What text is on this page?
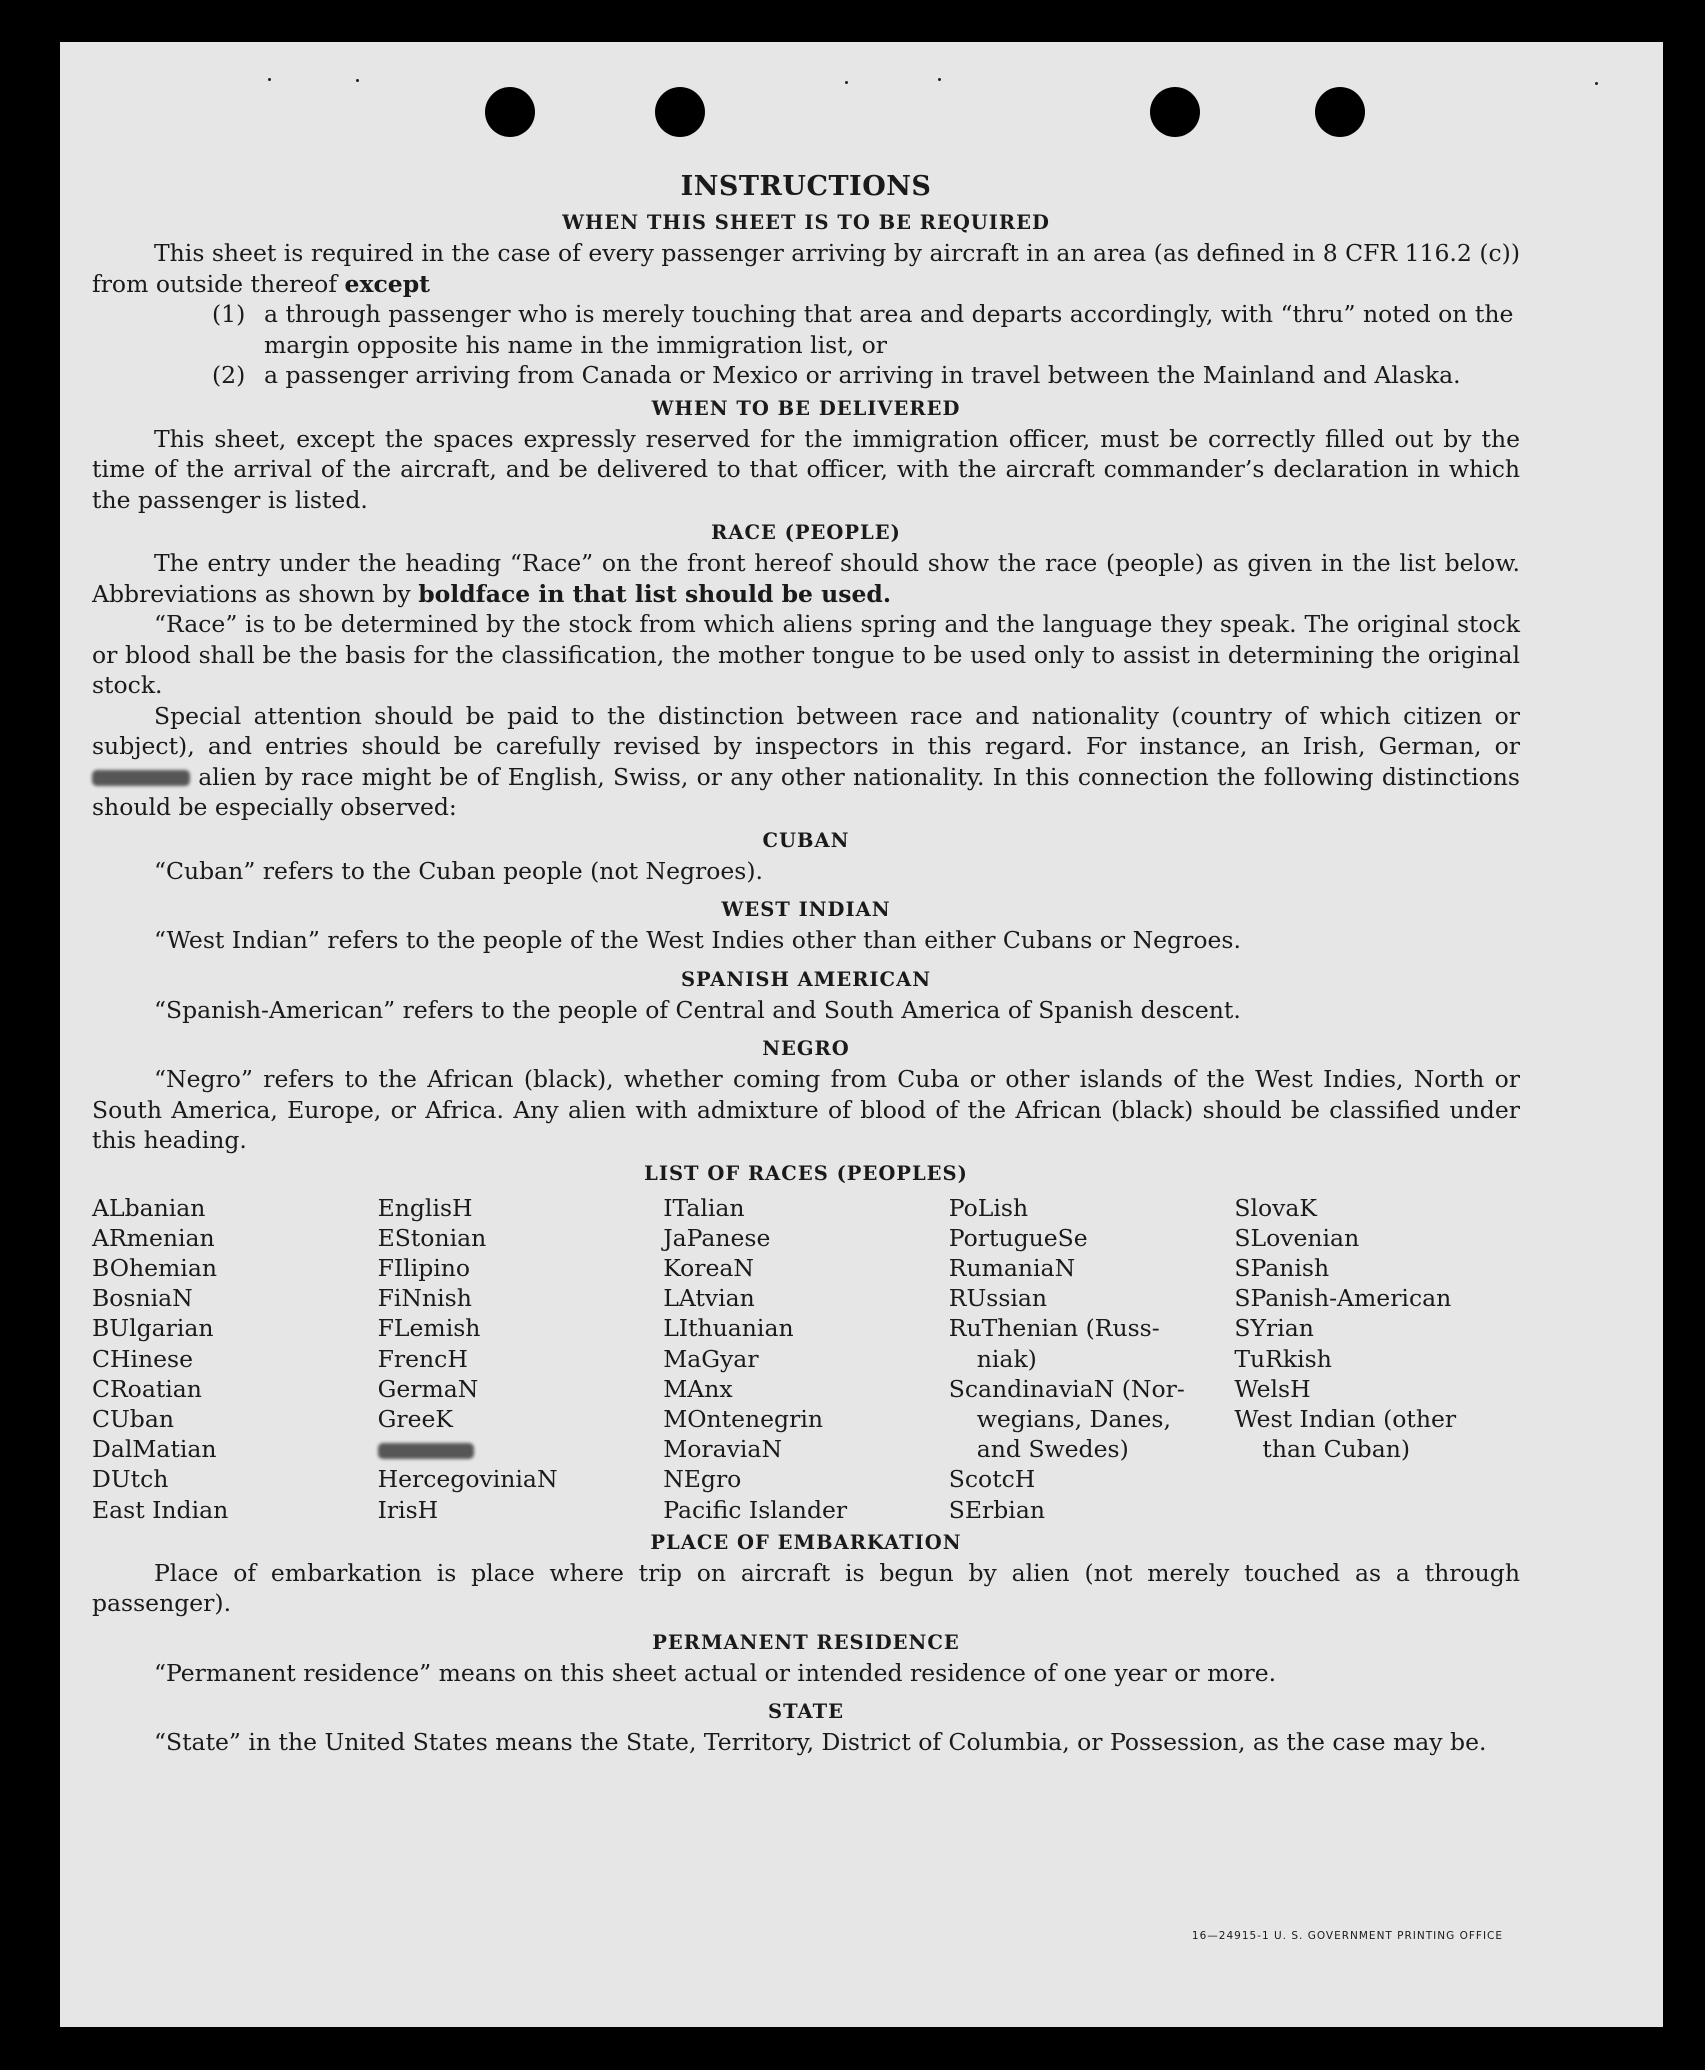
INSTRUCTIONS
WHEN THIS SHEET IS TO BE REQUIRED

This sheet is required in the case of every passenger arriving by aircraft in an area (as defined in 8 CFR 116.2 (c)) from outside thereof except

(1) a through passenger who is merely touching that area and departs accordingly, with “thru” noted on the margin opposite his name in the immigration list, or
(2) a passenger arriving from Canada or Mexico or arriving in travel between the Mainland and Alaska.
WHEN TO BE DELIVERED

This sheet, except the spaces expressly reserved for the immigration officer, must be correctly filled out by the time of the arrival of the aircraft, and be delivered to that officer, with the aircraft commander’s declaration in which the passenger is listed.

RACE (PEOPLE)

The entry under the heading “Race” on the front hereof should show the race (people) as given in the list below. Abbreviations as shown by boldface in that list should be used.

“Race” is to be determined by the stock from which aliens spring and the language they speak. The original stock or blood shall be the basis for the classification, the mother tongue to be used only to assist in determining the original stock.

Special attention should be paid to the distinction between race and nationality (country of which citizen or subject), and entries should be carefully revised by inspectors in this regard. For instance, an Irish, German, or  alien by race might be of English, Swiss, or any other nationality. In this connection the following distinctions should be especially observed:

CUBAN

“Cuban” refers to the Cuban people (not Negroes).

WEST INDIAN

“West Indian” refers to the people of the West Indies other than either Cubans or Negroes.

SPANISH AMERICAN

“Spanish-American” refers to the people of Central and South America of Spanish descent.

NEGRO

“Negro” refers to the African (black), whether coming from Cuba or other islands of the West Indies, North or South America, Europe, or Africa. Any alien with admixture of blood of the African (black) should be classified under this heading.

LIST OF RACES (PEOPLES)
ALbanian
ARmenian
BOhemian
BosniaN
BUlgarian
CHinese
CRoatian
CUban
DalMatian
DUtch
East Indian
EnglisH
EStonian
FIlipino
FiNnish
FLemish
FrencH
GermaN
GreeK
HercegoviniaN
IrisH
ITalian
JaPanese
KoreaN
LAtvian
LIthuanian
MaGyar
MAnx
MOntenegrin
MoraviaN
NEgro
Pacific Islander
PoLish
PortugueSe
RumaniaN
RUssian
RuThenian (Russ-
niak)
ScandinaviaN (Nor-
wegians, Danes,
and Swedes)
ScotcH
SErbian
SlovaK
SLovenian
SPanish
SPanish-American
SYrian
TuRkish
WelsH
West Indian (other
than Cuban)
PLACE OF EMBARKATION

Place of embarkation is place where trip on aircraft is begun by alien (not merely touched as a through passenger).

PERMANENT RESIDENCE

“Permanent residence” means on this sheet actual or intended residence of one year or more.

STATE

“State” in the United States means the State, Territory, District of Columbia, or Possession, as the case may be.

16—24915-1 U. S. GOVERNMENT PRINTING OFFICE
